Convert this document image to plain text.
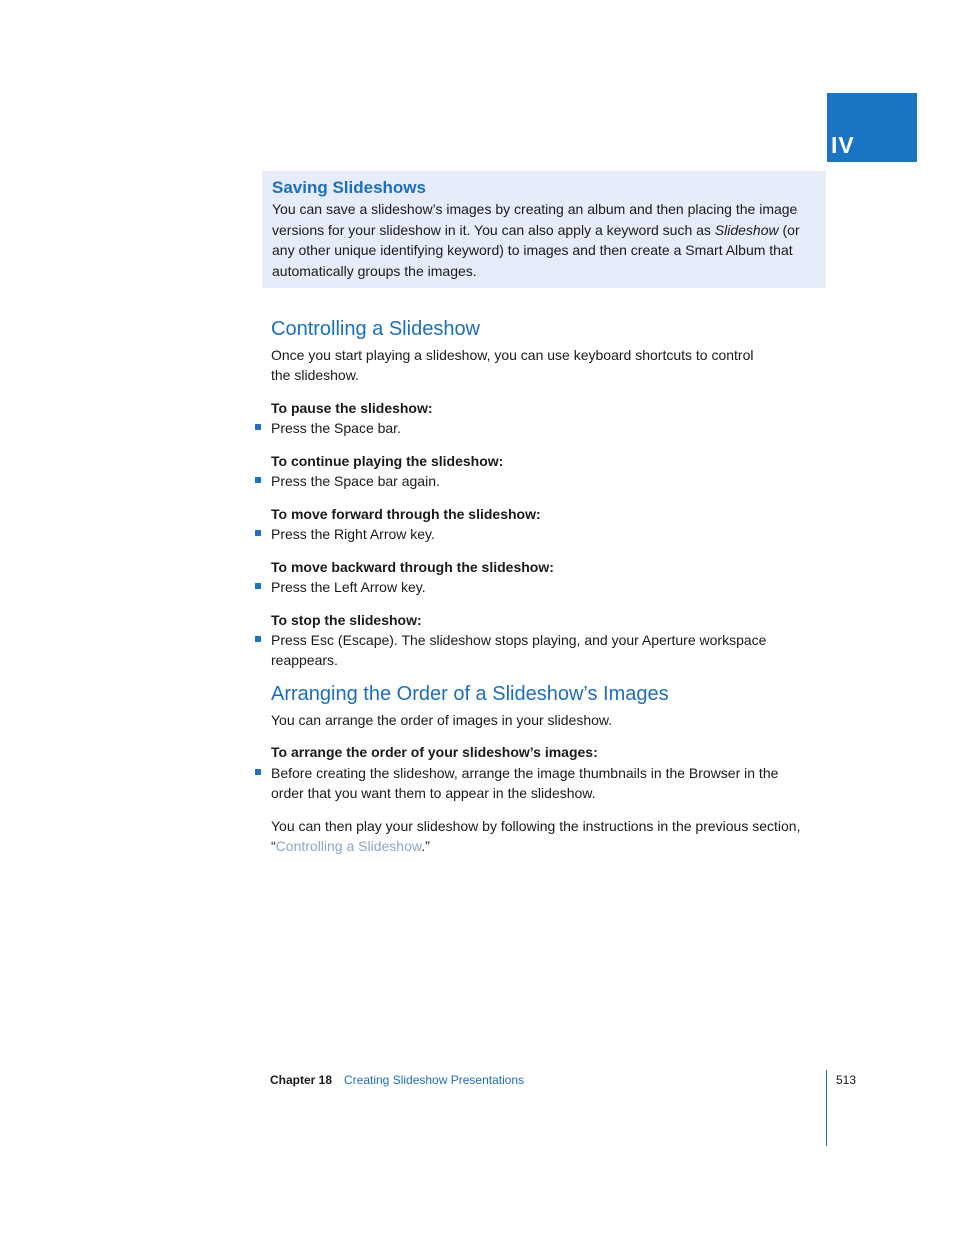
IV

Saving Slideshows

You can save a slideshow’s images by creating an album and then placing the image versions for your slideshow in it. You can also apply a keyword such as Slideshow (or any other unique identifying keyword) to images and then create a Smart Album that automatically groups the images.

Controlling a Slideshow

Once you start playing a slideshow, you can use keyboard shortcuts to control
the slideshow.

To pause the slideshow:

Press the Space bar.

To continue playing the slideshow:

Press the Space bar again.

To move forward through the slideshow:

Press the Right Arrow key.

To move backward through the slideshow:

Press the Left Arrow key.

To stop the slideshow:

Press Esc (Escape). The slideshow stops playing, and your Aperture workspace reappears.

Arranging the Order of a Slideshow’s Images

You can arrange the order of images in your slideshow.

To arrange the order of your slideshow’s images:

Before creating the slideshow, arrange the image thumbnails in the Browser in the order that you want them to appear in the slideshow.

You can then play your slideshow by following the instructions in the previous section, “Controlling a Slideshow.”

Chapter 18 Creating Slideshow Presentations	513
